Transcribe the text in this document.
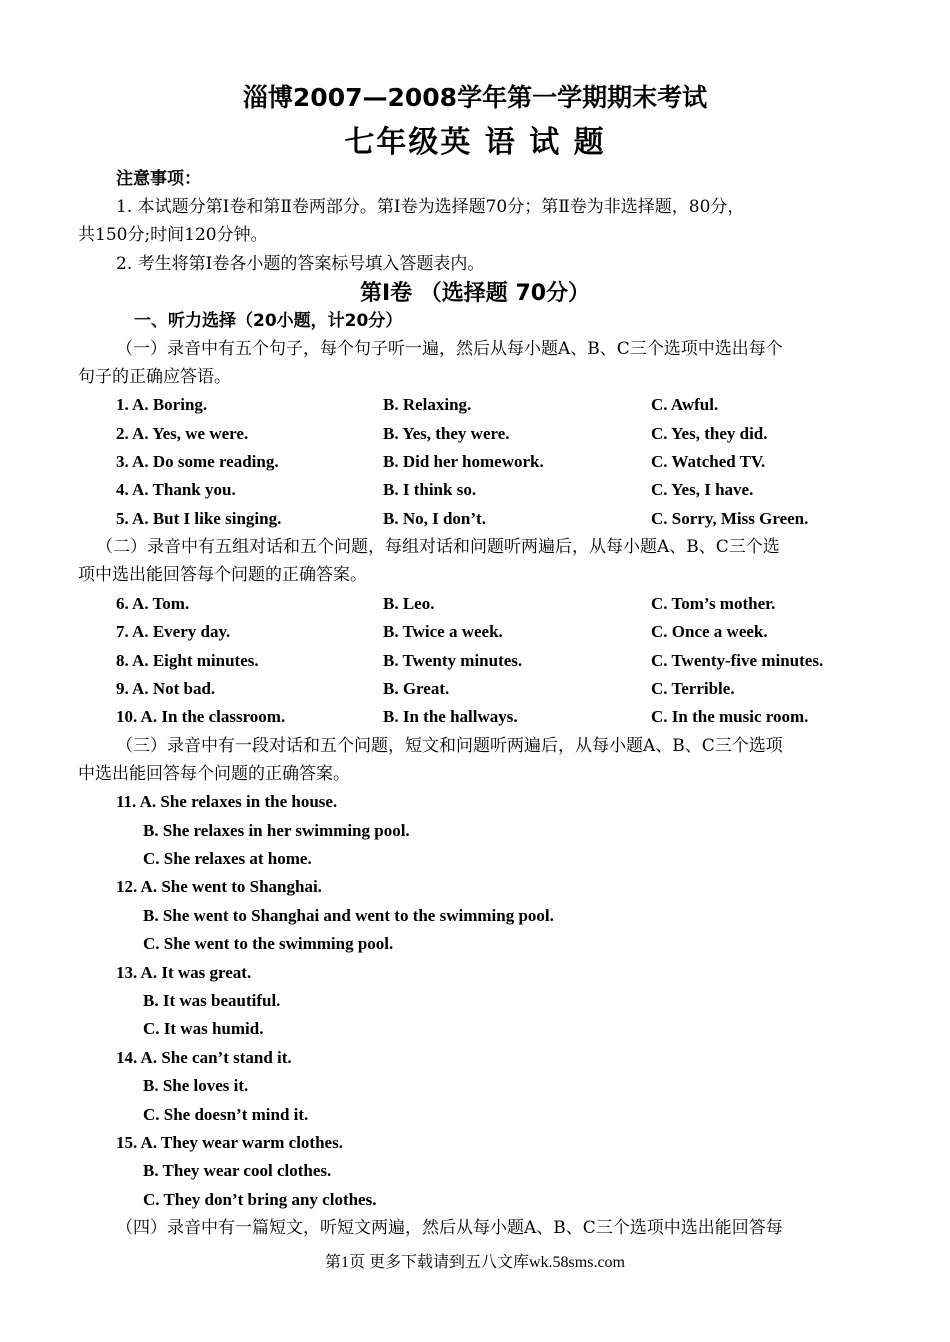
淄博2007—2008学年第一学期期末考试
七年级英 语 试 题
注意事项：
1. 本试题分第Ⅰ卷和第Ⅱ卷两部分。第Ⅰ卷为选择题70分；第Ⅱ卷为非选择题，80分，
共150分;时间120分钟。
2. 考生将第Ⅰ卷各小题的答案标号填入答题表内。
第Ⅰ卷 （选择题 70分）
一、听力选择（20小题，计20分）
（一）录音中有五个句子，每个句子听一遍，然后从每小题A、B、C三个选项中选出每个
句子的正确应答语。
1. A. Boring.	B. Relaxing.	C. Awful.
2. A. Yes, we were.	B. Yes, they were.	C. Yes, they did.
3. A. Do some reading.	B. Did her homework.	C. Watched TV.
4. A. Thank you.	B. I think so.	C. Yes, I have.
5. A. But I like singing.	B. No, I don’t.	C. Sorry, Miss Green.
（二）录音中有五组对话和五个问题，每组对话和问题听两遍后，从每小题A、B、C三个选
项中选出能回答每个问题的正确答案。
6. A. Tom.	B. Leo.	C. Tom’s mother.
7. A. Every day.	B. Twice a week.	C. Once a week.
8. A. Eight minutes.	B. Twenty minutes.	C. Twenty-five minutes.
9. A. Not bad.	B. Great.	C. Terrible.
10. A. In the classroom.	B. In the hallways.	C. In the music room.
（三）录音中有一段对话和五个问题，短文和问题听两遍后，从每小题A、B、C三个选项
中选出能回答每个问题的正确答案。
11. A. She relaxes in the house.
B. She relaxes in her swimming pool.
C. She relaxes at home.
12. A. She went to Shanghai.
B. She went to Shanghai and went to the swimming pool.
C. She went to the swimming pool.
13. A. It was great.
B. It was beautiful.
C. It was humid.
14. A. She can’t stand it.
B. She loves it.
C. She doesn’t mind it.
15. A. They wear warm clothes.
B. They wear cool clothes.
C. They don’t bring any clothes.
（四）录音中有一篇短文，听短文两遍，然后从每小题A、B、C三个选项中选出能回答每
第1页 更多下载请到五八文库wk.58sms.com
